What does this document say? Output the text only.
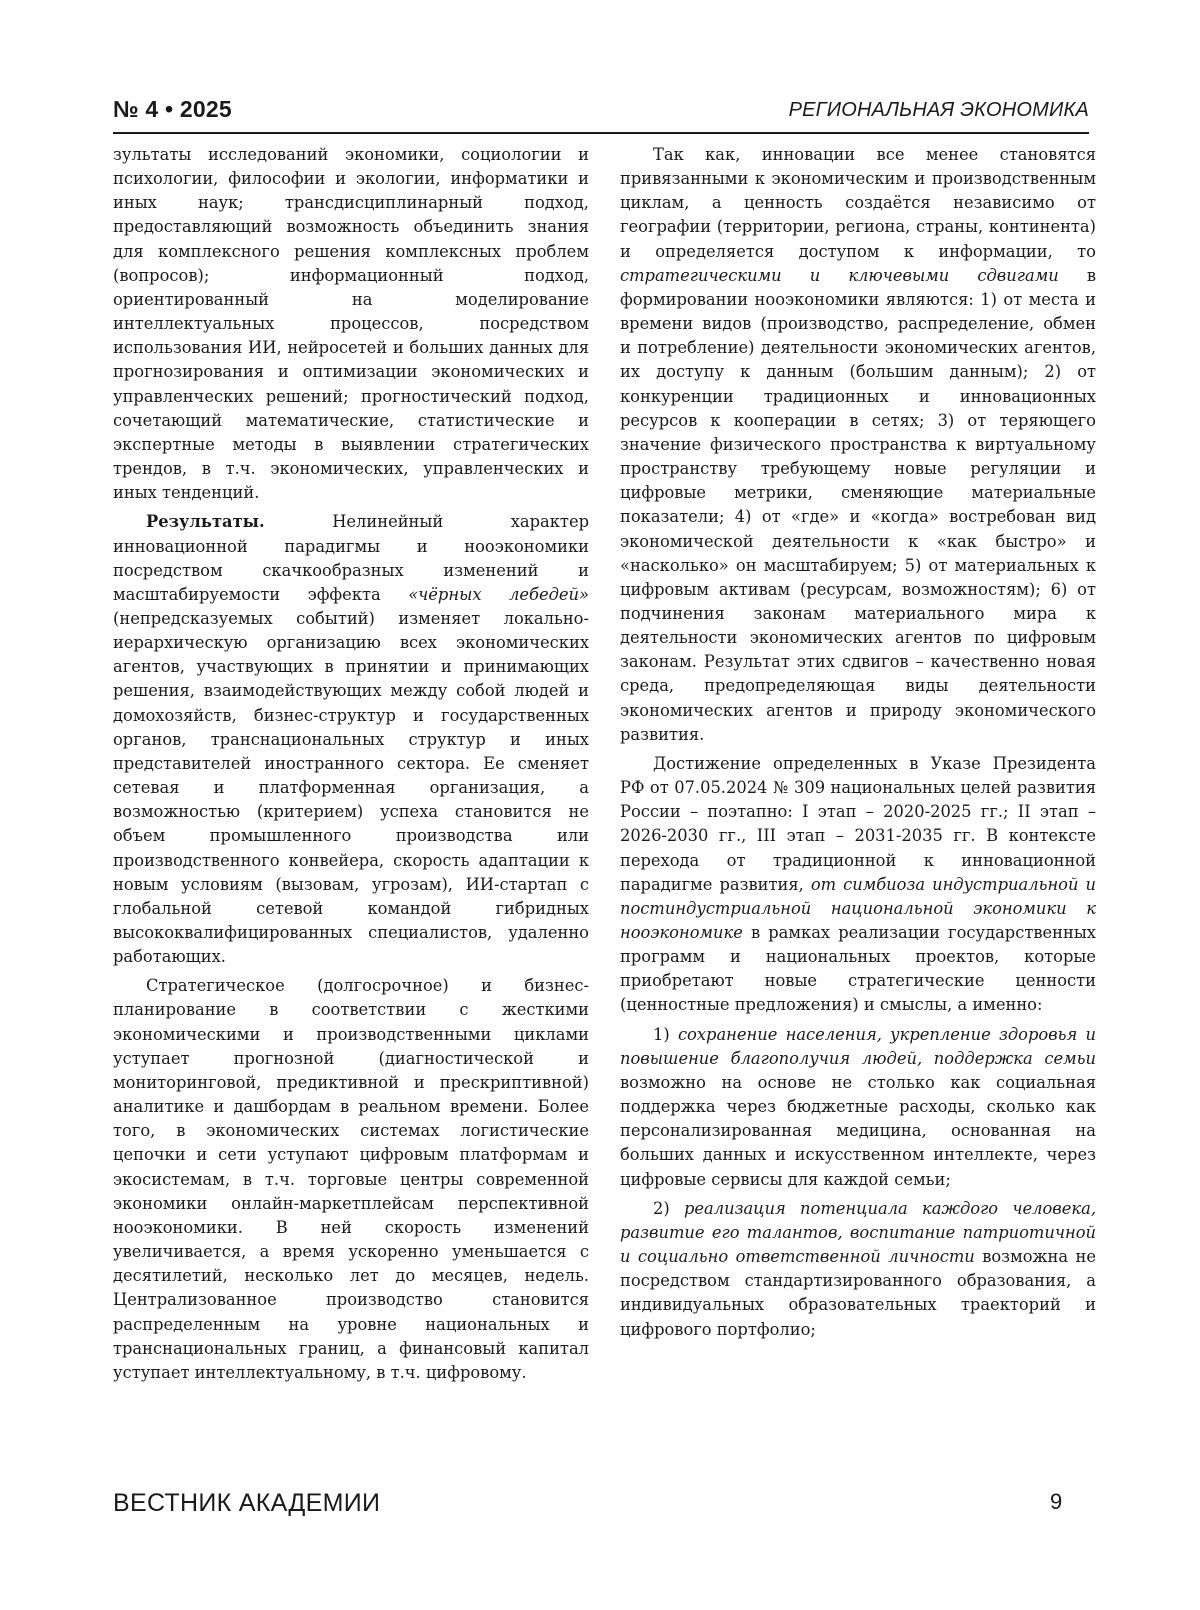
№ 4 • 2025	РЕГИОНАЛЬНАЯ ЭКОНОМИКА

зультаты исследований экономики, социологии и психологии, философии и экологии, информатики и иных наук; трансдисциплинарный подход, предоставляющий возможность объединить знания для комплексного решения комплексных проблем (вопросов); информационный подход, ориентированный на моделирование интеллектуальных процессов, посредством использования ИИ, нейросетей и больших данных для прогнозирования и оптимизации экономических и управленческих решений; прогностический подход, сочетающий математические, статистические и экспертные методы в выявлении стратегических трендов, в т.ч. экономических, управленческих и иных тенденций.

Результаты. Нелинейный характер инновационной парадигмы и нооэкономики посредством скачкообразных изменений и масштабируемости эффекта «чёрных лебедей» (непредсказуемых событий) изменяет локально-иерархическую организацию всех экономических агентов, участвующих в принятии и принимающих решения, взаимодействующих между собой людей и домохозяйств, бизнес-структур и государственных органов, транснациональных структур и иных представителей иностранного сектора. Ее сменяет сетевая и платформенная организация, а возможностью (критерием) успеха становится не объем промышленного производства или производственного конвейера, скорость адаптации к новым условиям (вызовам, угрозам), ИИ-стартап с глобальной сетевой командой гибридных высококвалифицированных специалистов, удаленно работающих.

Стратегическое (долгосрочное) и бизнес-планирование в соответствии с жесткими экономическими и производственными циклами уступает прогнозной (диагностической и мониторинговой, предиктивной и прескриптивной) аналитике и дашбордам в реальном времени. Более того, в экономических системах логистические цепочки и сети уступают цифровым платформам и экосистемам, в т.ч. торговые центры современной экономики онлайн-маркетплейсам перспективной нооэкономики. В ней скорость изменений увеличивается, а время ускоренно уменьшается с десятилетий, несколько лет до месяцев, недель. Централизованное производство становится распределенным на уровне национальных и транснациональных границ, а финансовый капитал уступает интеллектуальному, в т.ч. цифровому.

Так как, инновации все менее становятся привязанными к экономическим и производственным циклам, а ценность создаётся независимо от географии (территории, региона, страны, континента) и определяется доступом к информации, то стратегическими и ключевыми сдвигами в формировании нооэкономики являются: 1) от места и времени видов (производство, распределение, обмен и потребление) деятельности экономических агентов, их доступу к данным (большим данным); 2) от конкуренции традиционных и инновационных ресурсов к кооперации в сетях; 3) от теряющего значение физического пространства к виртуальному пространству требующему новые регуляции и цифровые метрики, сменяющие материальные показатели; 4) от «где» и «когда» востребован вид экономической деятельности к «как быстро» и «насколько» он масштабируем; 5) от материальных к цифровым активам (ресурсам, возможностям); 6) от подчинения законам материального мира к деятельности экономических агентов по цифровым законам. Результат этих сдвигов – качественно новая среда, предопределяющая виды деятельности экономических агентов и природу экономического развития.

Достижение определенных в Указе Президента РФ от 07.05.2024 № 309 национальных целей развития России – поэтапно: I этап – 2020-2025 гг.; II этап – 2026-2030 гг., III этап – 2031-2035 гг. В контексте перехода от традиционной к инновационной парадигме развития, от симбиоза индустриальной и постиндустриальной национальной экономики к нооэкономике в рамках реализации государственных программ и национальных проектов, которые приобретают новые стратегические ценности (ценностные предложения) и смыслы, а именно:

1) сохранение населения, укрепление здоровья и повышение благополучия людей, поддержка семьи возможно на основе не столько как социальная поддержка через бюджетные расходы, сколько как персонализированная медицина, основанная на больших данных и искусственном интеллекте, через цифровые сервисы для каждой семьи;

2) реализация потенциала каждого человека, развитие его талантов, воспитание патриотичной и социально ответственной личности возможна не посредством стандартизированного образования, а индивидуальных образовательных траекторий и цифрового портфолио;

ВЕСТНИК АКАДЕМИИ	9
